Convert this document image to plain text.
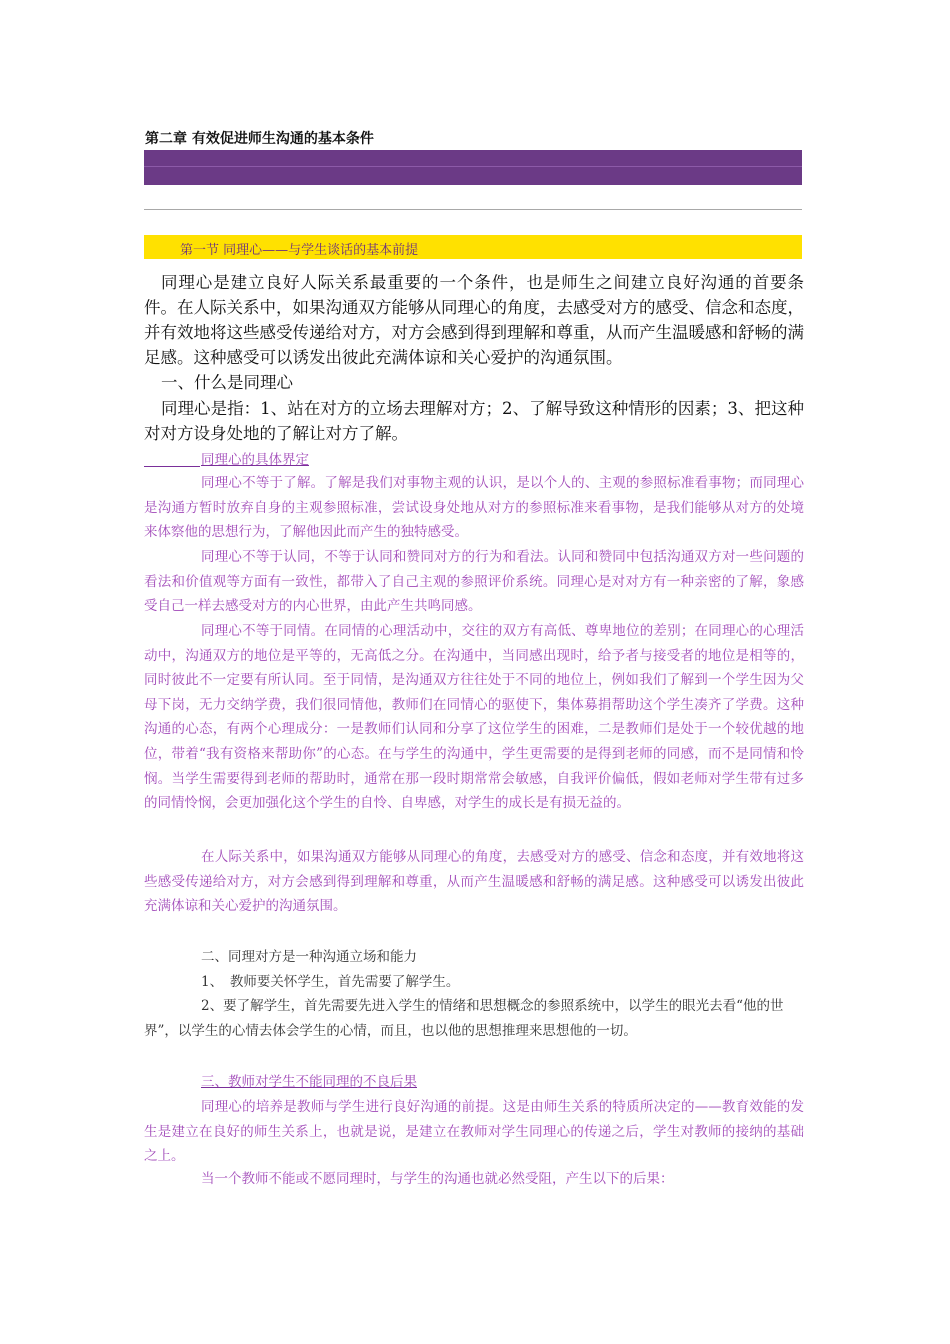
第二章 有效促进师生沟通的基本条件
第一节 同理心——与学生谈话的基本前提
同理心是建立良好人际关系最重要的一个条件，也是师生之间建立良好沟通的首要条件。在人际关系中，如果沟通双方能够从同理心的角度，去感受对方的感受、信念和态度，并有效地将这些感受传递给对方，对方会感到得到理解和尊重，从而产生温暖感和舒畅的满足感。这种感受可以诱发出彼此充满体谅和关心爱护的沟通氛围。
一、什么是同理心
同理心是指：1、站在对方的立场去理解对方；2、了解导致这种情形的因素；3、把这种对对方设身处地的了解让对方了解。
同理心的具体界定
同理心不等于了解。了解是我们对事物主观的认识，是以个人的、主观的参照标准看事物；而同理心是沟通方暂时放弃自身的主观参照标准，尝试设身处地从对方的参照标准来看事物，是我们能够从对方的处境来体察他的思想行为，了解他因此而产生的独特感受。
同理心不等于认同，不等于认同和赞同对方的行为和看法。认同和赞同中包括沟通双方对一些问题的看法和价值观等方面有一致性，都带入了自己主观的参照评价系统。同理心是对对方有一种亲密的了解，象感受自己一样去感受对方的内心世界，由此产生共鸣同感。
同理心不等于同情。在同情的心理活动中，交往的双方有高低、尊卑地位的差别；在同理心的心理活动中，沟通双方的地位是平等的，无高低之分。在沟通中，当同感出现时，给予者与接受者的地位是相等的，同时彼此不一定要有所认同。至于同情，是沟通双方往往处于不同的地位上，例如我们了解到一个学生因为父母下岗，无力交纳学费，我们很同情他，教师们在同情心的驱使下，集体募捐帮助这个学生凑齐了学费。这种沟通的心态，有两个心理成分：一是教师们认同和分享了这位学生的困难，二是教师们是处于一个较优越的地位，带着“我有资格来帮助你”的心态。在与学生的沟通中，学生更需要的是得到老师的同感，而不是同情和怜悯。当学生需要得到老师的帮助时，通常在那一段时期常常会敏感，自我评价偏低，假如老师对学生带有过多的同情怜悯，会更加强化这个学生的自怜、自卑感，对学生的成长是有损无益的。
在人际关系中，如果沟通双方能够从同理心的角度，去感受对方的感受、信念和态度，并有效地将这些感受传递给对方，对方会感到得到理解和尊重，从而产生温暖感和舒畅的满足感。这种感受可以诱发出彼此充满体谅和关心爱护的沟通氛围。
二、同理对方是一种沟通立场和能力
1、　教师要关怀学生，首先需要了解学生。
2、要了解学生，首先需要先进入学生的情绪和思想概念的参照系统中，以学生的眼光去看“他的世界”，以学生的心情去体会学生的心情，而且，也以他的思想推理来思想他的一切。
三、教师对学生不能同理的不良后果
同理心的培养是教师与学生进行良好沟通的前提。这是由师生关系的特质所决定的——教育效能的发生是建立在良好的师生关系上，也就是说，是建立在教师对学生同理心的传递之后，学生对教师的接纳的基础之上。
当一个教师不能或不愿同理时，与学生的沟通也就必然受阻，产生以下的后果：
